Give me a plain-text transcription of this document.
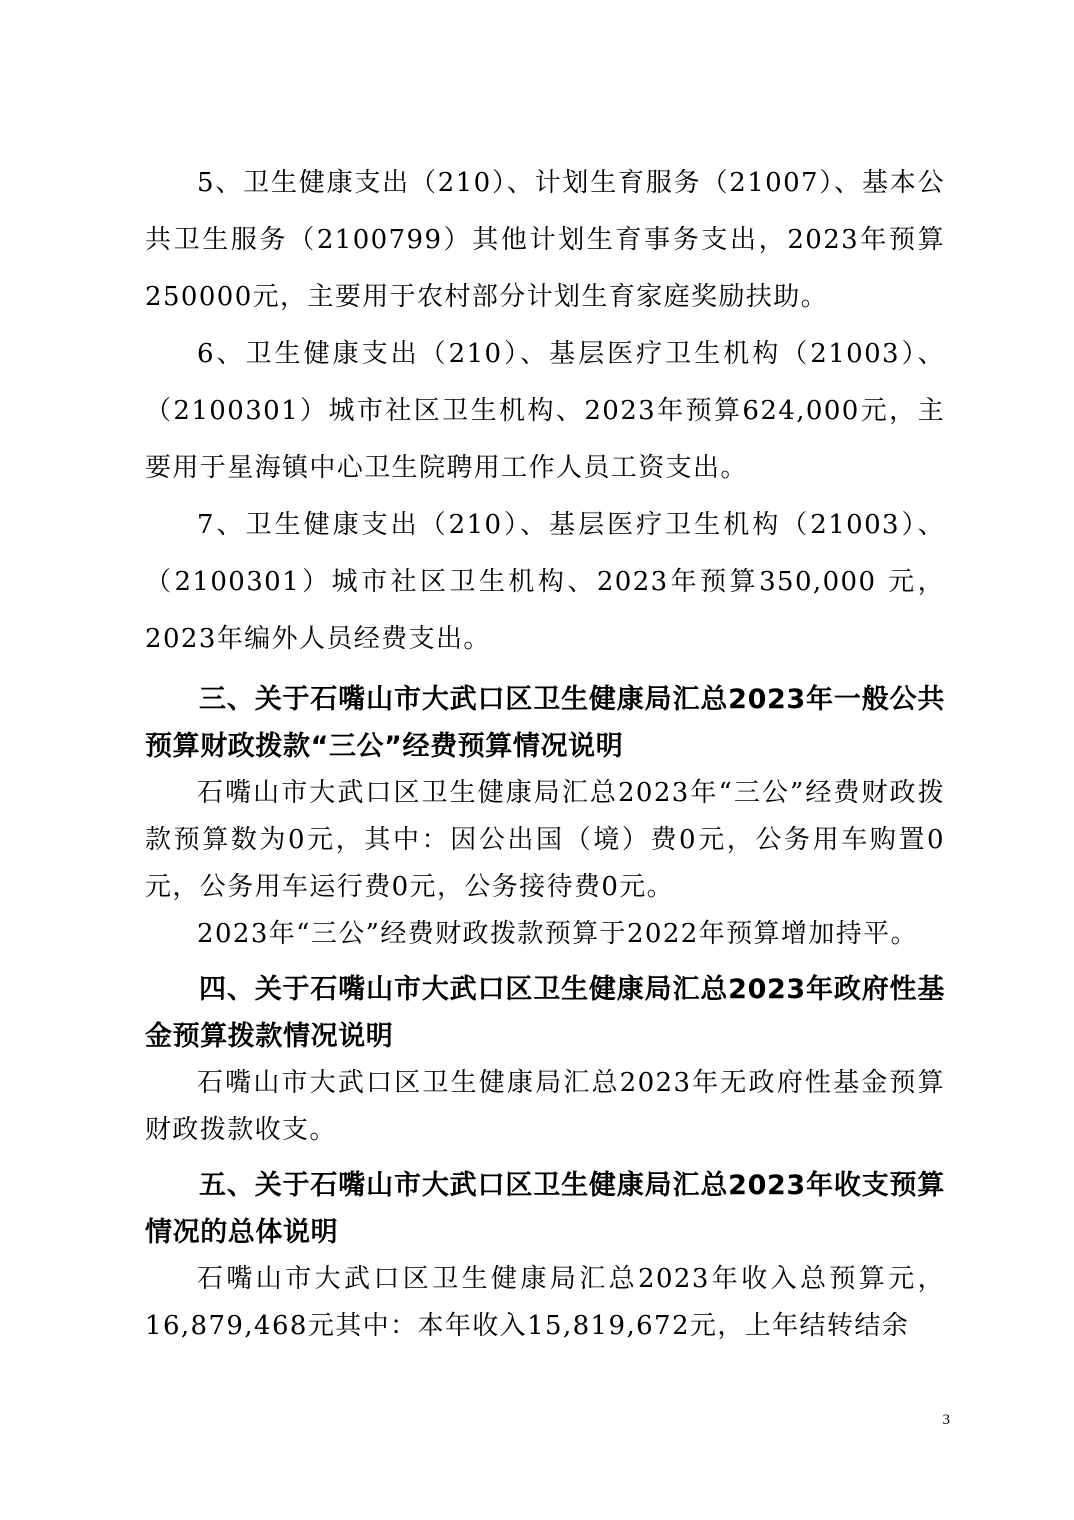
5、卫生健康支出（210）、计划生育服务（21007）、基本公 共卫生服务（2100799）其他计划生育事务支出，2023年预算250000元，主要用于农村部分计划生育家庭奖励扶助。

6、卫生健康支出（210）、基层医疗卫生机构（21003）、（2100301）城市社区卫生机构、2023年预算624,000元，主要用于星海镇中心卫生院聘用工作人员工资支出。

7、卫生健康支出（210）、基层医疗卫生机构（21003）、（2100301）城市社区卫生机构、2023年预算350,000 元，2023年编外人员经费支出。

三、关于石嘴山市大武口区卫生健康局汇总2023年一般公共预算财政拨款“三公”经费预算情况说明

石嘴山市大武口区卫生健康局汇总2023年“三公”经费财政拨款预算数为0元，其中：因公出国（境）费0元，公务用车购置0元，公务用车运行费0元，公务接待费0元。

2023年“三公”经费财政拨款预算于2022年预算增加持平。

四、关于石嘴山市大武口区卫生健康局汇总2023年政府性基金预算拨款情况说明

石嘴山市大武口区卫生健康局汇总2023年无政府性基金预算财政拨款收支。

五、关于石嘴山市大武口区卫生健康局汇总2023年收支预算情况的总体说明

石嘴山市大武口区卫生健康局汇总2023年收入总预算元，16,879,468元其中：本年收入15,819,672元，上年结转结余

3
